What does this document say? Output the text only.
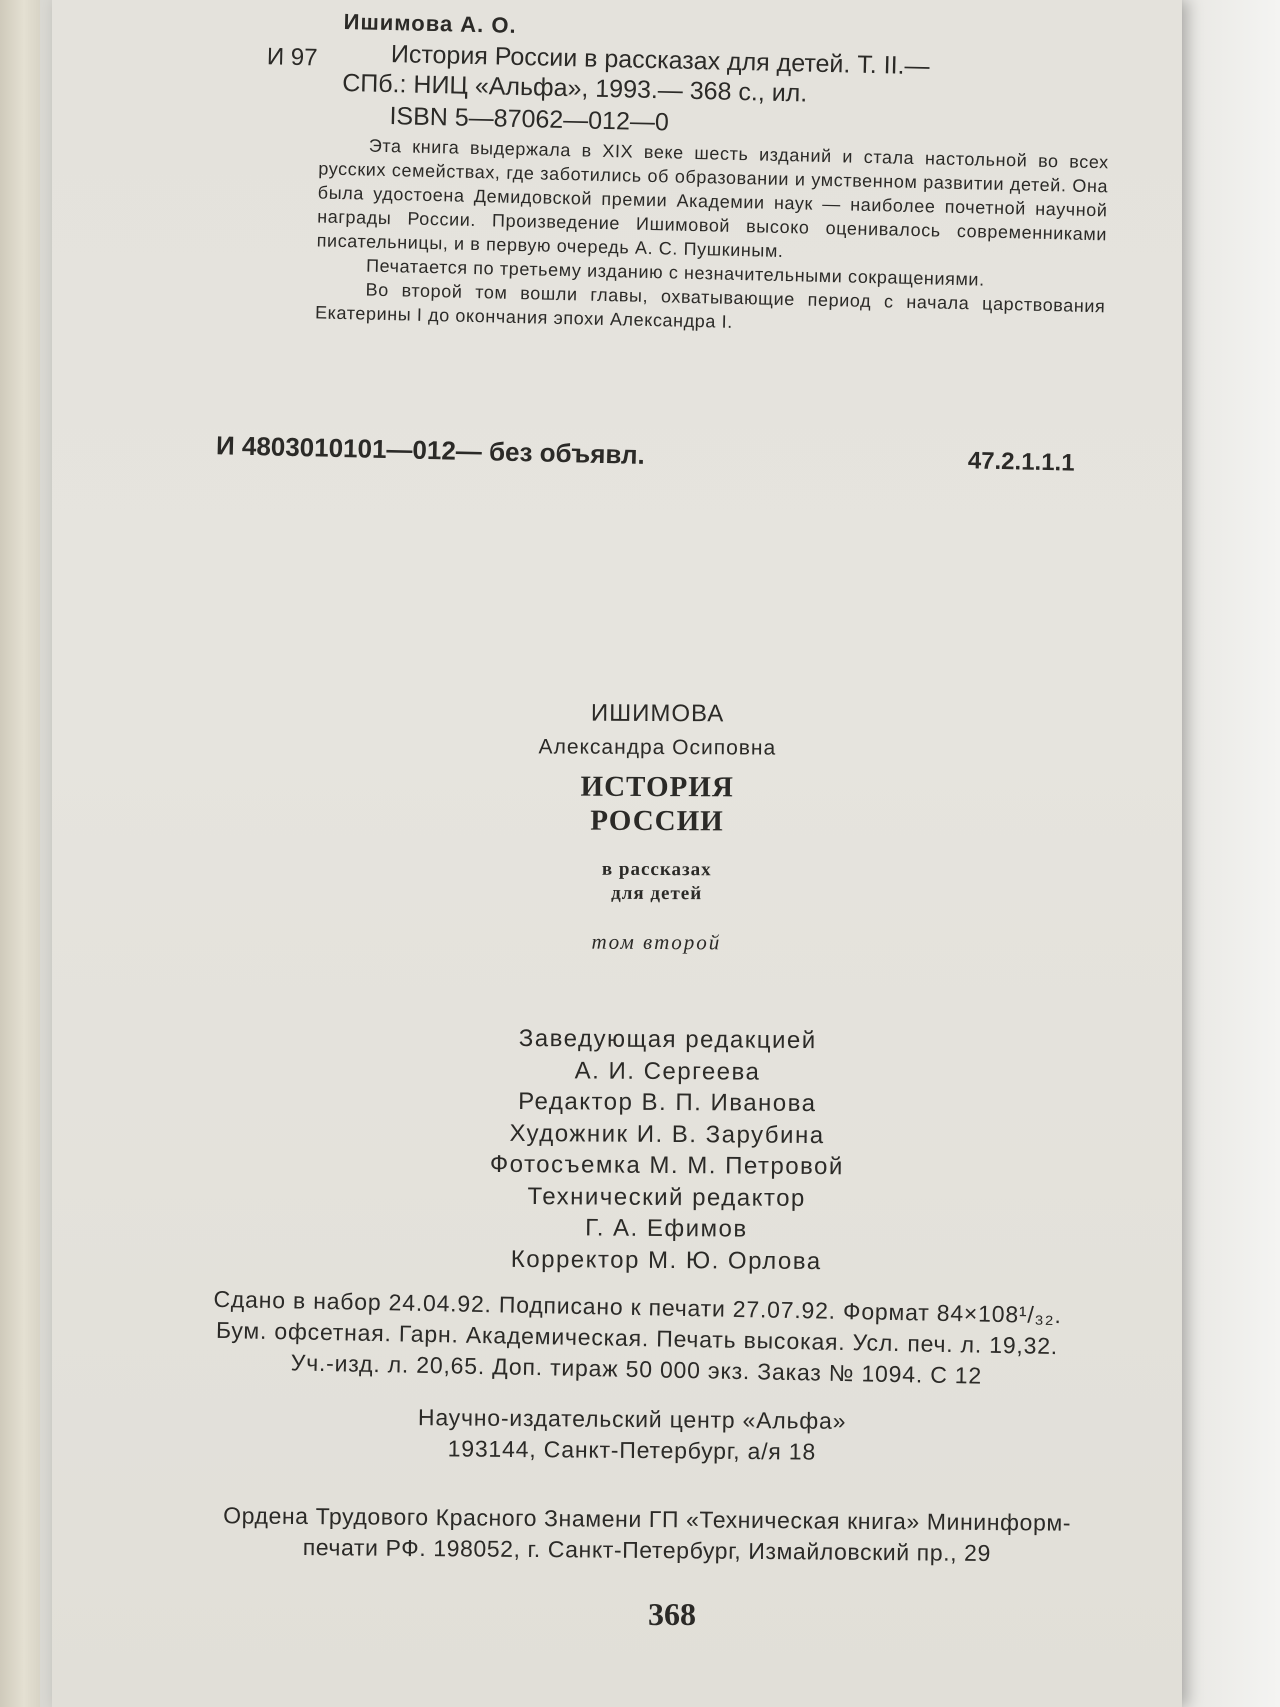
Ишимова А. О.
И 97	История России в рассказах для детей. Т. II.—
СПб.: НИЦ «Альфа», 1993.— 368 с., ил.
ISBN 5—87062—012—0

Эта книга выдержала в XIX веке шесть изданий и стала настольной во всех русских семействах, где заботились об образовании и умственном развитии детей. Она была удостоена Демидовской премии Академии наук — наиболее почетной научной награды России. Произведение Ишимовой высоко оценивалось современниками писательницы, и в первую очередь А. С. Пушкиным.

Печатается по третьему изданию с незначительными сокращениями.

Во второй том вошли главы, охватывающие период с начала царствования Екатерины I до окончания эпохи Александра I.

И 4803010101—012— без объявл.	47.2.1.1.1
ИШИМОВА
Александра Осиповна
ИСТОРИЯ
РОССИИ
в рассказах
для детей
том второй
Заведующая редакцией
А. И. Сергеева
Редактор В. П. Иванова
Художник И. В. Зарубина
Фотосъемка М. М. Петровой
Технический редактор
Г. А. Ефимов
Корректор М. Ю. Орлова
Сдано в набор 24.04.92. Подписано к печати 27.07.92. Формат 84×108¹/₃₂.
Бум. офсетная. Гарн. Академическая. Печать высокая. Усл. печ. л. 19,32.
Уч.-изд. л. 20,65. Доп. тираж 50 000 экз. Заказ № 1094. С 12
Научно-издательский центр «Альфа»
193144, Санкт-Петербург, а/я 18
Ордена Трудового Красного Знамени ГП «Техническая книга» Мининформ-
печати РФ. 198052, г. Санкт-Петербург, Измайловский пр., 29
368
